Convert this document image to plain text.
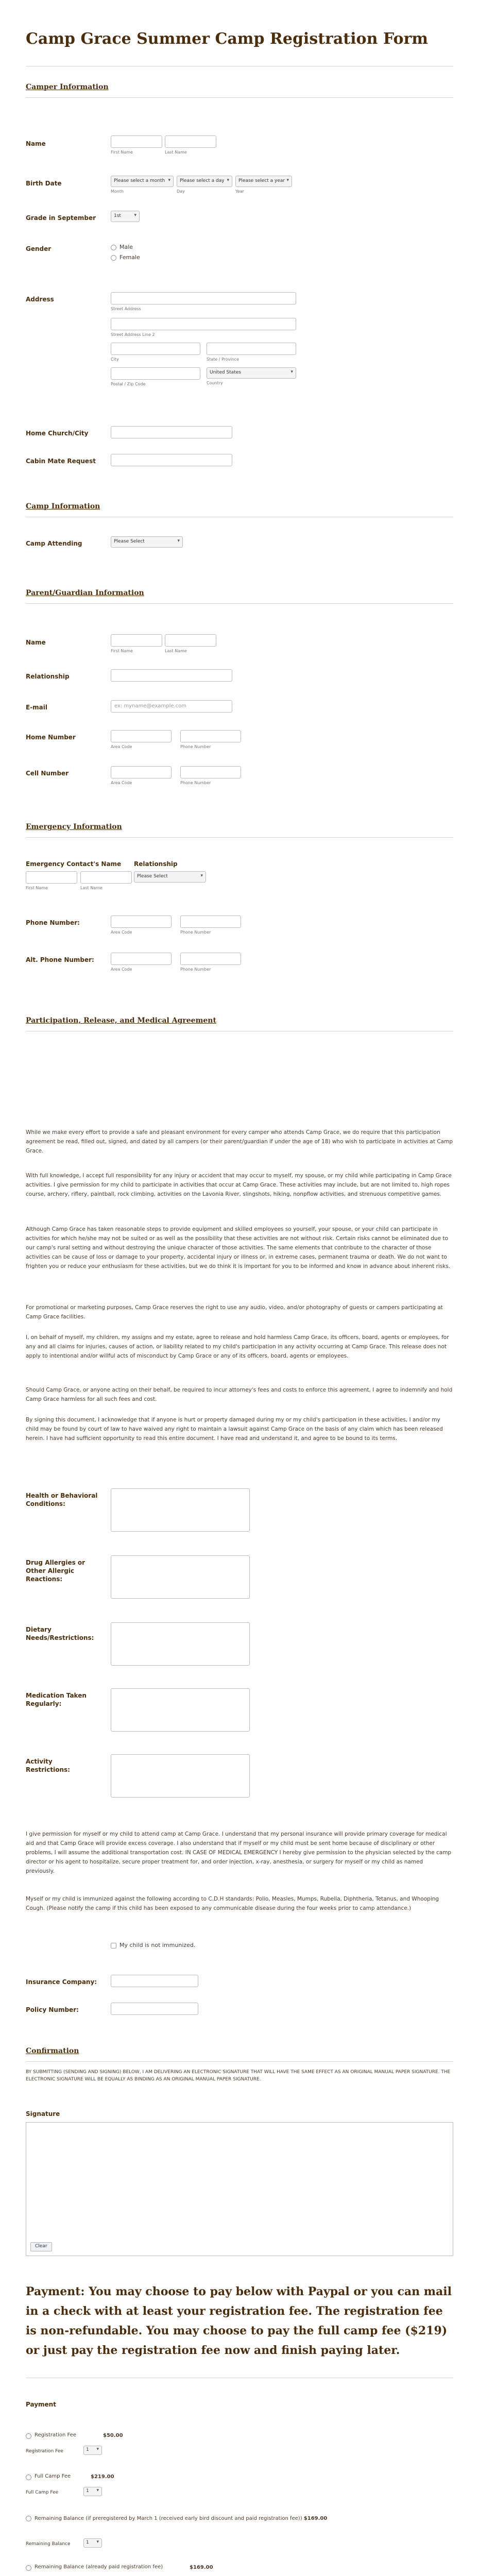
Camp Grace Summer Camp Registration Form
Camper Information
Name
First Name	Last Name
Birth Date	Please select a month ▾
Month
Please select a day ▾
Day
Please select a year ▾
Year
Grade in September	1st	▾
Gender	Male
Female
Address
Street Address
Street Address Line 2
City	State / Province
Postal / Zip Code
United States	▾
Country
Home Church/City
Cabin Mate Request
Camp Information
Camp Attending	Please Select	▾
Parent/Guardian Information
Name
First Name	Last Name
Relationship
E-mail	ex: myname@example.com
Home Number
Area Code	Phone Number
Cell Number
Area Code	Phone Number
Emergency Information
Emergency Contact's Name	Relationship
First Name	Last Name
Please Select	▾
Phone Number:
Area Code	Phone Number
Alt. Phone Number:
Area Code	Phone Number
Participation, Release, and Medical Agreement
While we make every effort to provide a safe and pleasant environment for every camper who attends Camp Grace, we do require that this participation agreement be read, filled out, signed, and dated by all campers (or their parent/guardian if under the age of 18) who wish to participate in activities at Camp Grace.
With full knowledge, I accept full responsibility for any injury or accident that may occur to myself, my spouse, or my child while participating in Camp Grace activities. I give permission for my child to participate in activities that occur at Camp Grace. These activities may include, but are not limited to, high ropes course, archery, riflery, paintball, rock climbing, activities on the Lavonia River, slingshots, hiking, nonpflow activities, and strenuous competitive games.
Although Camp Grace has taken reasonable steps to provide equipment and skilled employees so yourself, your spouse, or your child can participate in activities for which he/she may not be suited or as well as the possibility that these activities are not without risk. Certain risks cannot be eliminated due to our camp's rural setting and without destroying the unique character of those activities. The same elements that contribute to the character of those activities can be cause of loss or damage to your property, accidental injury or illness or, in extreme cases, permanent trauma or death. We do not want to frighten you or reduce your enthusiasm for these activities, but we do think it is important for you to be informed and know in advance about inherent risks.
For promotional or marketing purposes, Camp Grace reserves the right to use any audio, video, and/or photography of guests or campers participating at Camp Grace facilities.
I, on behalf of myself, my children, my assigns and my estate, agree to release and hold harmless Camp Grace, its officers, board, agents or employees, for any and all claims for injuries, causes of action, or liability related to my child's participation in any activity occurring at Camp Grace. This release does not apply to intentional and/or willful acts of misconduct by Camp Grace or any of its officers, board, agents or employees.
Should Camp Grace, or anyone acting on their behalf, be required to incur attorney's fees and costs to enforce this agreement, I agree to indemnify and hold Camp Grace harmless for all such fees and cost.
By signing this document, I acknowledge that if anyone is hurt or property damaged during my or my child's participation in these activities, I and/or my child may be found by court of law to have waived any right to maintain a lawsuit against Camp Grace on the basis of any claim which has been released herein. I have had sufficient opportunity to read this entire document. I have read and understand it, and agree to be bound to its terms.
Health or Behavioral Conditions:
Drug Allergies or Other Allergic Reactions:
Dietary Needs/Restrictions:
Medication Taken Regularly:
Activity Restrictions:
I give permission for myself or my child to attend camp at Camp Grace. I understand that my personal insurance will provide primary coverage for medical aid and that Camp Grace will provide excess coverage. I also understand that if myself or my child must be sent home because of disciplinary or other problems, I will assume the additional transportation cost. IN CASE OF MEDICAL EMERGENCY I hereby give permission to the physician selected by the camp director or his agent to hospitalize, secure proper treatment for, and order injection, x-ray, anesthesia, or surgery for myself or my child as named previously.
Myself or my child is immunized against the following according to C.D.H standards: Polio, Measles, Mumps, Rubella, Diphtheria, Tetanus, and Whooping Cough. (Please notify the camp if this child has been exposed to any communicable disease during the four weeks prior to camp attendance.)
My child is not immunized.
Insurance Company:
Policy Number:
Confirmation
BY SUBMITTING (SENDING AND SIGNING) BELOW, I AM DELIVERING AN ELECTRONIC SIGNATURE THAT WILL HAVE THE SAME EFFECT AS AN ORIGINAL MANUAL PAPER SIGNATURE. THE ELECTRONIC SIGNATURE WILL BE EQUALLY AS BINDING AS AN ORIGINAL MANUAL PAPER SIGNATURE.
Signature
Clear
Payment: You may choose to pay below with Paypal or you can mail in a check with at least your registration fee. The registration fee is non-refundable. You may choose to pay the full camp fee ($219) or just pay the registration fee now and finish paying later.
Payment
Registration Fee	$50.00
Registration Fee	1 ▾
Full Camp Fee	$219.00
Full Camp Fee	1 ▾
Remaining Balance (if preregistered by March 1 (received early bird discount and paid registration fee)) $169.00
Remaining Balance	1 ▾
Remaining Balance (already paid registration fee)	$169.00
